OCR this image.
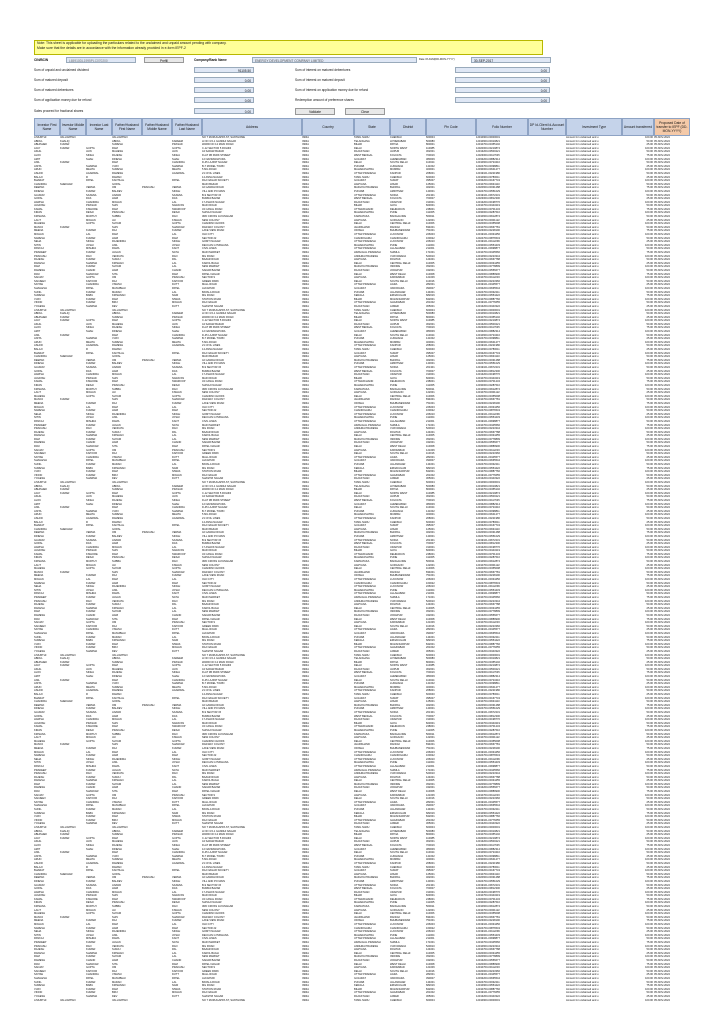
Note: This sheet is applicable for uploading the particulars related to the unclaimed and unpaid amount pending with company.
Make sure that the details are in accordance with the information already provided in e-form IEPF-2
CIN/BCIN	L65910DL1995PLC070200	Prefill	Company/Bank Name	ENERGY DEVELOPMENT COMPANY LIMITED	Date Of AGM(DD-MON-YYYY)	30-SEP-2017
Sum of unpaid and unclaimed dividend	91105.50
Sum of matured deposit	0.00
Sum of matured debentures	0.00
Sum of application money due for refund	0.00
Sales proceed for fractional shares	0.00
Sum of interest on matured debentures	0.00
Sum of interest on matured deposit	0.00
Sum of interest on application money due for refund	0.00
Redemption amount of preference shares	0.00
Validate	Clear
Investor First Name
Investor Middle Name
Investor Last Name
Father/Husband First Name
Father/Husband Middle Name
Father/Husband Last Name	Address	Country	State	District	Pin Code	Folio Number	DP Id-Client Id-Account Number	Investment Type	Amount transferred
Proposed Date of transfer to IEPF (DD-MON-YYYY)
A MURTHI	VALLIAPPAN	VALLIAPPAN	NO 7 MURUGAPPA ST, SANTHOME	INDIA	TAMIL NADU	CHENNAI	600004	12010900-00000001	Amount for unclaimed and u	100.00 05-NOV-2024
ABDUL	KHALIQ	ABDUL	KAREEM	H NO 3-5-1 GANDHI NAGAR	INDIA	TELANGANA	HYDERABAD	500080	12010600-00310821	Amount for unclaimed and u	50.00 05-NOV-2024
ABHISHEK	KUMAR	SURESH	PRASAD	WARD NO 12 MAIN ROAD	INDIA	BIHAR	PATNA	800001	12010700-00455102	Amount for unclaimed and u	25.00 05-NOV-2024
AJAY	KUMAR	GUPTA	RAM	GUPTA	C-12 SECTOR 5 ROHINI	INDIA	DELHI	NORTH WEST	110085	12020000-00219874	Amount for unclaimed and u	100.00 05-NOV-2024
AKHIL	JAIN	MAHESH	JAIN	44 SADAR BAZAR	INDIA	RAJASTHAN	JAIPUR	302001	12013200-00500221	Amount for unclaimed and u	50.00 05-NOV-2024
ALOK	SINHA	RAJESH	SINHA	FLAT 3B PARK STREET	INDIA	WEST BENGAL	KOLKATA	700016	12023000-00117645	Amount for unclaimed and u	75.00 05-NOV-2024
AMIT	SHAH	DINESH	SHAH	12 NAVRANGPURA	INDIA	GUJARAT	AHMEDABAD	380009	12033200-00882314	Amount for unclaimed and u	100.00 05-NOV-2024
ANIL	KUMAR	RAM	CHANDRA	D-45 LAJPAT NAGAR	INDIA	DELHI	SOUTH DELHI	110024	12010600-00723410	Amount for unclaimed and u	50.00 05-NOV-2024
ANITA	SHARMA	VIJAY	SHARMA	B-7 MODEL TOWN	INDIA	PUNJAB	LUDHIANA	141002	12024700-00398811	Amount for unclaimed and u	25.00 05-NOV-2024
ARUN	MEHTA	SURESH	MEHTA	5 MG ROAD	INDIA	MAHARASHTRA	MUMBAI	400001	12030000-00641277	Amount for unclaimed and u	100.00 05-NOV-2024
ASHOK	AGARWAL	RAMESH	AGARWAL	21 CIVIL LINES	INDIA	UTTAR PRADESH	KANPUR	208001	12019101-00221980	Amount for unclaimed and u	50.00 05-NOV-2024
BALAJI	R	RAMAN	14 ANNA NAGAR	INDIA	TAMIL NADU	CHENNAI	600040	12010900-00780011	Amount for unclaimed and u	25.00 05-NOV-2024
BHARAT	PATEL	KANTILAL	PATEL	RAJ NAGAR SOCIETY	INDIA	GUJARAT	SURAT	395007	12033200-00167743	Amount for unclaimed and u	100.00 05-NOV-2024
CHANDRA	SHEKHAR	GOPAL	MAIN BAZAR	INDIA	HARYANA	HISAR	125001	12010700-00934110	Amount for unclaimed and u	50.00 05-NOV-2024
DEEPAK	VERMA	OM	PRAKASH	VERMA	42 GANDHI ROAD	INDIA	MADHYA PRADESH	BHOPAL	462001	12020600-00331288	Amount for unclaimed and u	75.00 05-NOV-2024
DINESH	KUMAR	BALDEV	SINGH	VILL AND PO MAIN	INDIA	PUNJAB	AMRITSAR	143001	12024700-00551029	Amount for unclaimed and u	100.00 05-NOV-2024
GAURAV	SAXENA	ANAND	SAXENA	B-9 SECTOR 15	INDIA	UTTAR PRADESH	NOIDA	201301	12019101-00672231	Amount for unclaimed and u	50.00 05-NOV-2024
GOPAL	DAS	HARI	DAS	BURRA BAZAR	INDIA	WEST BENGAL	KOLKATA	700007	12023000-00812300	Amount for unclaimed and u	25.00 05-NOV-2024
HARISH	CHANDRA	MOHAN	LAL	17 ASHOK NAGAR	INDIA	RAJASTHAN	UDAIPUR	313001	12013200-00198776	Amount for unclaimed and u	100.00 05-NOV-2024
JAGDISH	PRASAD	SHIV	NARAYAN	MAIN ROAD	INDIA	BIHAR	GAYA	823001	12010700-00443219	Amount for unclaimed and u	50.00 05-NOV-2024
KAMAL	KISHORE	RAM	SWAROOP	34 CANAL ROAD	INDIA	UTTARAKHAND	DEHRADUN	248001	12020000-00701234	Amount for unclaimed and u	75.00 05-NOV-2024
KIRAN	DESAI	PRAKASH	DESAI	SHIVAJI NAGAR	INDIA	MAHARASHTRA	PUNE	411005	12030000-00287610	Amount for unclaimed and u	100.00 05-NOV-2024
KRISHNA	MURTHY	SUBBA	RAO	3RD CROSS JAYANAGAR	INDIA	KARNATAKA	BANGALORE	560011	12010600-00912874	Amount for unclaimed and u	50.00 05-NOV-2024
LALIT	MOHAN	JAI	KISHAN	NEW COLONY	INDIA	HARYANA	GURGAON	122001	12010700-00301122	Amount for unclaimed and u	25.00 05-NOV-2024
MAHESH	GUPTA	SHYAM	GUPTA	CHANDNI CHOWK	INDIA	DELHI	CENTRAL DELHI	110006	12020000-00455098	Amount for unclaimed and u	100.00 05-NOV-2024
MANOJ	KUMAR	SHIV	SHANKAR	RAILWAY COLONY	INDIA	JHARKHAND	RANCHI	834001	12010700-00667781	Amount for unclaimed and u	50.00 05-NOV-2024
MEENA	KUMARI	RAJ	KUMAR	LAKE VIEW ROAD	INDIA	ODISHA	BHUBANESWAR	751001	12023000-00228190	Amount for unclaimed and u	75.00 05-NOV-2024
MOHAN	LAL	RAM	LAL	OLD CITY	INDIA	UTTAR PRADESH	LUCKNOW	226003	12019101-00334456	Amount for unclaimed and u	100.00 05-NOV-2024
NARESH	KUMAR	HARI	RAM	SECTOR 22	INDIA	CHANDIGARH	CHANDIGARH	160022	12024700-00876543	Amount for unclaimed and u	50.00 05-NOV-2024
NEHA	SINGH	RAJENDRA	SINGH	GOMTI NAGAR	INDIA	UTTAR PRADESH	LUCKNOW	226010	12019101-00112299	Amount for unclaimed and u	25.00 05-NOV-2024
NITIN	JOSHI	ANIL	JOSHI	DECCAN GYMKHANA	INDIA	MAHARASHTRA	PUNE	411004	12030000-00554433	Amount for unclaimed and u	100.00 05-NOV-2024
PANKAJ	MISHRA	RAMA	KANT	CIVIL LINES	INDIA	UTTAR PRADESH	ALLAHABAD	211001	12019101-00998877	Amount for unclaimed and u	50.00 05-NOV-2024
PRADEEP	KUMAR	JAGAN	NATH	MAIN MARKET	INDIA	HIMACHAL PRADESH	SHIMLA	171001	12010700-00445566	Amount for unclaimed and u	75.00 05-NOV-2024
PRAKASH	RAO	VENKATA	RAO	MG ROAD	INDIA	ANDHRA PRADESH	VIJAYAWADA	520010	12010600-00223344	Amount for unclaimed and u	100.00 05-NOV-2024
RAJESH	KUMAR	SURAJ	PAL	BAZAR ROAD	INDIA	HARYANA	ROHTAK	124001	12010700-00667788	Amount for unclaimed and u	50.00 05-NOV-2024
RAKESH	SHARMA	KRISHAN	LAL	KAROL BAGH	INDIA	DELHI	CENTRAL DELHI	110005	12020000-00334455	Amount for unclaimed and u	25.00 05-NOV-2024
RAM	KUMAR	SHYAM	LAL	NEW MARKET	INDIA	MADHYA PRADESH	INDORE	452001	12020600-00778899	Amount for unclaimed and u	100.00 05-NOV-2024
RAMESH	CHAND	HARI	CHAND	SADAR BAZAR	INDIA	RAJASTHAN	JODHPUR	342001	12013200-00556677	Amount for unclaimed and u	50.00 05-NOV-2024
RAVI	SHANKAR	SITA	RAM	PATEL NAGAR	INDIA	DELHI	WEST DELHI	110008	12020000-00889900	Amount for unclaimed and u	75.00 05-NOV-2024
SANJAY	GUPTA	OM	PRAKASH	SECTOR 9	INDIA	HARYANA	FARIDABAD	121006	12010700-00112233	Amount for unclaimed and u	100.00 05-NOV-2024
SANJEEV	KAPOOR	RAJ	KAPOOR	GREEN PARK	INDIA	DELHI	SOUTH DELHI	110016	12020000-00223366	Amount for unclaimed and u	50.00 05-NOV-2024
SATISH	CHANDRA	VISHNU	DUTT	MALL ROAD	INDIA	UTTAR PRADESH	AGRA	282001	12019101-00445577	Amount for unclaimed and u	25.00 05-NOV-2024
SHAILESH	PATEL	MANUBHAI	PATEL	ALKAPURI	INDIA	GUJARAT	VADODARA	390007	12033200-00665544	Amount for unclaimed and u	100.00 05-NOV-2024
SUNIL	KUMAR	MADAN	LAL	BATALA ROAD	INDIA	PUNJAB	JALANDHAR	144001	12024700-00332211	Amount for unclaimed and u	50.00 05-NOV-2024
SURESH	BABU	KRISHNAN	NAIR	MG ROAD	INDIA	KERALA	ERNAKULAM	682016	12010900-00554422	Amount for unclaimed and u	75.00 05-NOV-2024
VIJAY	KUMAR	RAM	NIWAS	STATION ROAD	INDIA	BIHAR	MUZAFFARPUR	842001	12010700-00887766	Amount for unclaimed and u	100.00 05-NOV-2024
VINOD	KUMAR	BRIJ	MOHAN	RAJ NAGAR	INDIA	UTTAR PRADESH	GHAZIABAD	201002	12019101-00776655	Amount for unclaimed and u	50.00 05-NOV-2024
YOGESH	SHARMA	DEV	DUTT	SHASTRI NAGAR	INDIA	RAJASTHAN	AJMER	305001	12013200-00443322	Amount for unclaimed and u	25.00 05-NOV-2024
A MURTHI	VALLIAPPAN	VALLIAPPAN	NO 7 MURUGAPPA ST, SANTHOME	INDIA	TAMIL NADU	CHENNAI	600004	12010900-00000001	Amount for unclaimed and u	100.00 05-NOV-2024
ABDUL	KHALIQ	ABDUL	KAREEM	H NO 3-5-1 GANDHI NAGAR	INDIA	TELANGANA	HYDERABAD	500080	12010600-00310821	Amount for unclaimed and u	50.00 05-NOV-2024
ABHISHEK	KUMAR	SURESH	PRASAD	WARD NO 12 MAIN ROAD	INDIA	BIHAR	PATNA	800001	12010700-00455102	Amount for unclaimed and u	25.00 05-NOV-2024
AJAY	KUMAR	GUPTA	RAM	GUPTA	C-12 SECTOR 5 ROHINI	INDIA	DELHI	NORTH WEST	110085	12020000-00219874	Amount for unclaimed and u	100.00 05-NOV-2024
AKHIL	JAIN	MAHESH	JAIN	44 SADAR BAZAR	INDIA	RAJASTHAN	JAIPUR	302001	12013200-00500221	Amount for unclaimed and u	50.00 05-NOV-2024
ALOK	SINHA	RAJESH	SINHA	FLAT 3B PARK STREET	INDIA	WEST BENGAL	KOLKATA	700016	12023000-00117645	Amount for unclaimed and u	75.00 05-NOV-2024
AMIT	SHAH	DINESH	SHAH	12 NAVRANGPURA	INDIA	GUJARAT	AHMEDABAD	380009	12033200-00882314	Amount for unclaimed and u	100.00 05-NOV-2024
ANIL	KUMAR	RAM	CHANDRA	D-45 LAJPAT NAGAR	INDIA	DELHI	SOUTH DELHI	110024	12010600-00723410	Amount for unclaimed and u	50.00 05-NOV-2024
ANITA	SHARMA	VIJAY	SHARMA	B-7 MODEL TOWN	INDIA	PUNJAB	LUDHIANA	141002	12024700-00398811	Amount for unclaimed and u	25.00 05-NOV-2024
ARUN	MEHTA	SURESH	MEHTA	5 MG ROAD	INDIA	MAHARASHTRA	MUMBAI	400001	12030000-00641277	Amount for unclaimed and u	100.00 05-NOV-2024
ASHOK	AGARWAL	RAMESH	AGARWAL	21 CIVIL LINES	INDIA	UTTAR PRADESH	KANPUR	208001	12019101-00221980	Amount for unclaimed and u	50.00 05-NOV-2024
BALAJI	R	RAMAN	14 ANNA NAGAR	INDIA	TAMIL NADU	CHENNAI	600040	12010900-00780011	Amount for unclaimed and u	25.00 05-NOV-2024
BHARAT	PATEL	KANTILAL	PATEL	RAJ NAGAR SOCIETY	INDIA	GUJARAT	SURAT	395007	12033200-00167743	Amount for unclaimed and u	100.00 05-NOV-2024
CHANDRA	SHEKHAR	GOPAL	MAIN BAZAR	INDIA	HARYANA	HISAR	125001	12010700-00934110	Amount for unclaimed and u	50.00 05-NOV-2024
DEEPAK	VERMA	OM	PRAKASH	VERMA	42 GANDHI ROAD	INDIA	MADHYA PRADESH	BHOPAL	462001	12020600-00331288	Amount for unclaimed and u	75.00 05-NOV-2024
DINESH	KUMAR	BALDEV	SINGH	VILL AND PO MAIN	INDIA	PUNJAB	AMRITSAR	143001	12024700-00551029	Amount for unclaimed and u	100.00 05-NOV-2024
GAURAV	SAXENA	ANAND	SAXENA	B-9 SECTOR 15	INDIA	UTTAR PRADESH	NOIDA	201301	12019101-00672231	Amount for unclaimed and u	50.00 05-NOV-2024
GOPAL	DAS	HARI	DAS	BURRA BAZAR	INDIA	WEST BENGAL	KOLKATA	700007	12023000-00812300	Amount for unclaimed and u	25.00 05-NOV-2024
HARISH	CHANDRA	MOHAN	LAL	17 ASHOK NAGAR	INDIA	RAJASTHAN	UDAIPUR	313001	12013200-00198776	Amount for unclaimed and u	100.00 05-NOV-2024
JAGDISH	PRASAD	SHIV	NARAYAN	MAIN ROAD	INDIA	BIHAR	GAYA	823001	12010700-00443219	Amount for unclaimed and u	50.00 05-NOV-2024
KAMAL	KISHORE	RAM	SWAROOP	34 CANAL ROAD	INDIA	UTTARAKHAND	DEHRADUN	248001	12020000-00701234	Amount for unclaimed and u	75.00 05-NOV-2024
KIRAN	DESAI	PRAKASH	DESAI	SHIVAJI NAGAR	INDIA	MAHARASHTRA	PUNE	411005	12030000-00287610	Amount for unclaimed and u	100.00 05-NOV-2024
KRISHNA	MURTHY	SUBBA	RAO	3RD CROSS JAYANAGAR	INDIA	KARNATAKA	BANGALORE	560011	12010600-00912874	Amount for unclaimed and u	50.00 05-NOV-2024
LALIT	MOHAN	JAI	KISHAN	NEW COLONY	INDIA	HARYANA	GURGAON	122001	12010700-00301122	Amount for unclaimed and u	25.00 05-NOV-2024
MAHESH	GUPTA	SHYAM	GUPTA	CHANDNI CHOWK	INDIA	DELHI	CENTRAL DELHI	110006	12020000-00455098	Amount for unclaimed and u	100.00 05-NOV-2024
MANOJ	KUMAR	SHIV	SHANKAR	RAILWAY COLONY	INDIA	JHARKHAND	RANCHI	834001	12010700-00667781	Amount for unclaimed and u	50.00 05-NOV-2024
MEENA	KUMARI	RAJ	KUMAR	LAKE VIEW ROAD	INDIA	ODISHA	BHUBANESWAR	751001	12023000-00228190	Amount for unclaimed and u	75.00 05-NOV-2024
MOHAN	LAL	RAM	LAL	OLD CITY	INDIA	UTTAR PRADESH	LUCKNOW	226003	12019101-00334456	Amount for unclaimed and u	100.00 05-NOV-2024
NARESH	KUMAR	HARI	RAM	SECTOR 22	INDIA	CHANDIGARH	CHANDIGARH	160022	12024700-00876543	Amount for unclaimed and u	50.00 05-NOV-2024
NEHA	SINGH	RAJENDRA	SINGH	GOMTI NAGAR	INDIA	UTTAR PRADESH	LUCKNOW	226010	12019101-00112299	Amount for unclaimed and u	25.00 05-NOV-2024
NITIN	JOSHI	ANIL	JOSHI	DECCAN GYMKHANA	INDIA	MAHARASHTRA	PUNE	411004	12030000-00554433	Amount for unclaimed and u	100.00 05-NOV-2024
PANKAJ	MISHRA	RAMA	KANT	CIVIL LINES	INDIA	UTTAR PRADESH	ALLAHABAD	211001	12019101-00998877	Amount for unclaimed and u	50.00 05-NOV-2024
PRADEEP	KUMAR	JAGAN	NATH	MAIN MARKET	INDIA	HIMACHAL PRADESH	SHIMLA	171001	12010700-00445566	Amount for unclaimed and u	75.00 05-NOV-2024
PRAKASH	RAO	VENKATA	RAO	MG ROAD	INDIA	ANDHRA PRADESH	VIJAYAWADA	520010	12010600-00223344	Amount for unclaimed and u	100.00 05-NOV-2024
RAJESH	KUMAR	SURAJ	PAL	BAZAR ROAD	INDIA	HARYANA	ROHTAK	124001	12010700-00667788	Amount for unclaimed and u	50.00 05-NOV-2024
RAKESH	SHARMA	KRISHAN	LAL	KAROL BAGH	INDIA	DELHI	CENTRAL DELHI	110005	12020000-00334455	Amount for unclaimed and u	25.00 05-NOV-2024
RAM	KUMAR	SHYAM	LAL	NEW MARKET	INDIA	MADHYA PRADESH	INDORE	452001	12020600-00778899	Amount for unclaimed and u	100.00 05-NOV-2024
RAMESH	CHAND	HARI	CHAND	SADAR BAZAR	INDIA	RAJASTHAN	JODHPUR	342001	12013200-00556677	Amount for unclaimed and u	50.00 05-NOV-2024
RAVI	SHANKAR	SITA	RAM	PATEL NAGAR	INDIA	DELHI	WEST DELHI	110008	12020000-00889900	Amount for unclaimed and u	75.00 05-NOV-2024
SANJAY	GUPTA	OM	PRAKASH	SECTOR 9	INDIA	HARYANA	FARIDABAD	121006	12010700-00112233	Amount for unclaimed and u	100.00 05-NOV-2024
SANJEEV	KAPOOR	RAJ	KAPOOR	GREEN PARK	INDIA	DELHI	SOUTH DELHI	110016	12020000-00223366	Amount for unclaimed and u	50.00 05-NOV-2024
SATISH	CHANDRA	VISHNU	DUTT	MALL ROAD	INDIA	UTTAR PRADESH	AGRA	282001	12019101-00445577	Amount for unclaimed and u	25.00 05-NOV-2024
SHAILESH	PATEL	MANUBHAI	PATEL	ALKAPURI	INDIA	GUJARAT	VADODARA	390007	12033200-00665544	Amount for unclaimed and u	100.00 05-NOV-2024
SUNIL	KUMAR	MADAN	LAL	BATALA ROAD	INDIA	PUNJAB	JALANDHAR	144001	12024700-00332211	Amount for unclaimed and u	50.00 05-NOV-2024
SURESH	BABU	KRISHNAN	NAIR	MG ROAD	INDIA	KERALA	ERNAKULAM	682016	12010900-00554422	Amount for unclaimed and u	75.00 05-NOV-2024
VIJAY	KUMAR	RAM	NIWAS	STATION ROAD	INDIA	BIHAR	MUZAFFARPUR	842001	12010700-00887766	Amount for unclaimed and u	100.00 05-NOV-2024
VINOD	KUMAR	BRIJ	MOHAN	RAJ NAGAR	INDIA	UTTAR PRADESH	GHAZIABAD	201002	12019101-00776655	Amount for unclaimed and u	50.00 05-NOV-2024
YOGESH	SHARMA	DEV	DUTT	SHASTRI NAGAR	INDIA	RAJASTHAN	AJMER	305001	12013200-00443322	Amount for unclaimed and u	25.00 05-NOV-2024
A MURTHI	VALLIAPPAN	VALLIAPPAN	NO 7 MURUGAPPA ST, SANTHOME	INDIA	TAMIL NADU	CHENNAI	600004	12010900-00000001	Amount for unclaimed and u	100.00 05-NOV-2024
ABDUL	KHALIQ	ABDUL	KAREEM	H NO 3-5-1 GANDHI NAGAR	INDIA	TELANGANA	HYDERABAD	500080	12010600-00310821	Amount for unclaimed and u	50.00 05-NOV-2024
ABHISHEK	KUMAR	SURESH	PRASAD	WARD NO 12 MAIN ROAD	INDIA	BIHAR	PATNA	800001	12010700-00455102	Amount for unclaimed and u	25.00 05-NOV-2024
AJAY	KUMAR	GUPTA	RAM	GUPTA	C-12 SECTOR 5 ROHINI	INDIA	DELHI	NORTH WEST	110085	12020000-00219874	Amount for unclaimed and u	100.00 05-NOV-2024
AKHIL	JAIN	MAHESH	JAIN	44 SADAR BAZAR	INDIA	RAJASTHAN	JAIPUR	302001	12013200-00500221	Amount for unclaimed and u	50.00 05-NOV-2024
ALOK	SINHA	RAJESH	SINHA	FLAT 3B PARK STREET	INDIA	WEST BENGAL	KOLKATA	700016	12023000-00117645	Amount for unclaimed and u	75.00 05-NOV-2024
AMIT	SHAH	DINESH	SHAH	12 NAVRANGPURA	INDIA	GUJARAT	AHMEDABAD	380009	12033200-00882314	Amount for unclaimed and u	100.00 05-NOV-2024
ANIL	KUMAR	RAM	CHANDRA	D-45 LAJPAT NAGAR	INDIA	DELHI	SOUTH DELHI	110024	12010600-00723410	Amount for unclaimed and u	50.00 05-NOV-2024
ANITA	SHARMA	VIJAY	SHARMA	B-7 MODEL TOWN	INDIA	PUNJAB	LUDHIANA	141002	12024700-00398811	Amount for unclaimed and u	25.00 05-NOV-2024
ARUN	MEHTA	SURESH	MEHTA	5 MG ROAD	INDIA	MAHARASHTRA	MUMBAI	400001	12030000-00641277	Amount for unclaimed and u	100.00 05-NOV-2024
ASHOK	AGARWAL	RAMESH	AGARWAL	21 CIVIL LINES	INDIA	UTTAR PRADESH	KANPUR	208001	12019101-00221980	Amount for unclaimed and u	50.00 05-NOV-2024
BALAJI	R	RAMAN	14 ANNA NAGAR	INDIA	TAMIL NADU	CHENNAI	600040	12010900-00780011	Amount for unclaimed and u	25.00 05-NOV-2024
BHARAT	PATEL	KANTILAL	PATEL	RAJ NAGAR SOCIETY	INDIA	GUJARAT	SURAT	395007	12033200-00167743	Amount for unclaimed and u	100.00 05-NOV-2024
CHANDRA	SHEKHAR	GOPAL	MAIN BAZAR	INDIA	HARYANA	HISAR	125001	12010700-00934110	Amount for unclaimed and u	50.00 05-NOV-2024
DEEPAK	VERMA	OM	PRAKASH	VERMA	42 GANDHI ROAD	INDIA	MADHYA PRADESH	BHOPAL	462001	12020600-00331288	Amount for unclaimed and u	75.00 05-NOV-2024
DINESH	KUMAR	BALDEV	SINGH	VILL AND PO MAIN	INDIA	PUNJAB	AMRITSAR	143001	12024700-00551029	Amount for unclaimed and u	100.00 05-NOV-2024
GAURAV	SAXENA	ANAND	SAXENA	B-9 SECTOR 15	INDIA	UTTAR PRADESH	NOIDA	201301	12019101-00672231	Amount for unclaimed and u	50.00 05-NOV-2024
GOPAL	DAS	HARI	DAS	BURRA BAZAR	INDIA	WEST BENGAL	KOLKATA	700007	12023000-00812300	Amount for unclaimed and u	25.00 05-NOV-2024
HARISH	CHANDRA	MOHAN	LAL	17 ASHOK NAGAR	INDIA	RAJASTHAN	UDAIPUR	313001	12013200-00198776	Amount for unclaimed and u	100.00 05-NOV-2024
JAGDISH	PRASAD	SHIV	NARAYAN	MAIN ROAD	INDIA	BIHAR	GAYA	823001	12010700-00443219	Amount for unclaimed and u	50.00 05-NOV-2024
KAMAL	KISHORE	RAM	SWAROOP	34 CANAL ROAD	INDIA	UTTARAKHAND	DEHRADUN	248001	12020000-00701234	Amount for unclaimed and u	75.00 05-NOV-2024
KIRAN	DESAI	PRAKASH	DESAI	SHIVAJI NAGAR	INDIA	MAHARASHTRA	PUNE	411005	12030000-00287610	Amount for unclaimed and u	100.00 05-NOV-2024
KRISHNA	MURTHY	SUBBA	RAO	3RD CROSS JAYANAGAR	INDIA	KARNATAKA	BANGALORE	560011	12010600-00912874	Amount for unclaimed and u	50.00 05-NOV-2024
LALIT	MOHAN	JAI	KISHAN	NEW COLONY	INDIA	HARYANA	GURGAON	122001	12010700-00301122	Amount for unclaimed and u	25.00 05-NOV-2024
MAHESH	GUPTA	SHYAM	GUPTA	CHANDNI CHOWK	INDIA	DELHI	CENTRAL DELHI	110006	12020000-00455098	Amount for unclaimed and u	100.00 05-NOV-2024
MANOJ	KUMAR	SHIV	SHANKAR	RAILWAY COLONY	INDIA	JHARKHAND	RANCHI	834001	12010700-00667781	Amount for unclaimed and u	50.00 05-NOV-2024
MEENA	KUMARI	RAJ	KUMAR	LAKE VIEW ROAD	INDIA	ODISHA	BHUBANESWAR	751001	12023000-00228190	Amount for unclaimed and u	75.00 05-NOV-2024
MOHAN	LAL	RAM	LAL	OLD CITY	INDIA	UTTAR PRADESH	LUCKNOW	226003	12019101-00334456	Amount for unclaimed and u	100.00 05-NOV-2024
NARESH	KUMAR	HARI	RAM	SECTOR 22	INDIA	CHANDIGARH	CHANDIGARH	160022	12024700-00876543	Amount for unclaimed and u	50.00 05-NOV-2024
NEHA	SINGH	RAJENDRA	SINGH	GOMTI NAGAR	INDIA	UTTAR PRADESH	LUCKNOW	226010	12019101-00112299	Amount for unclaimed and u	25.00 05-NOV-2024
NITIN	JOSHI	ANIL	JOSHI	DECCAN GYMKHANA	INDIA	MAHARASHTRA	PUNE	411004	12030000-00554433	Amount for unclaimed and u	100.00 05-NOV-2024
PANKAJ	MISHRA	RAMA	KANT	CIVIL LINES	INDIA	UTTAR PRADESH	ALLAHABAD	211001	12019101-00998877	Amount for unclaimed and u	50.00 05-NOV-2024
PRADEEP	KUMAR	JAGAN	NATH	MAIN MARKET	INDIA	HIMACHAL PRADESH	SHIMLA	171001	12010700-00445566	Amount for unclaimed and u	75.00 05-NOV-2024
PRAKASH	RAO	VENKATA	RAO	MG ROAD	INDIA	ANDHRA PRADESH	VIJAYAWADA	520010	12010600-00223344	Amount for unclaimed and u	100.00 05-NOV-2024
RAJESH	KUMAR	SURAJ	PAL	BAZAR ROAD	INDIA	HARYANA	ROHTAK	124001	12010700-00667788	Amount for unclaimed and u	50.00 05-NOV-2024
RAKESH	SHARMA	KRISHAN	LAL	KAROL BAGH	INDIA	DELHI	CENTRAL DELHI	110005	12020000-00334455	Amount for unclaimed and u	25.00 05-NOV-2024
RAM	KUMAR	SHYAM	LAL	NEW MARKET	INDIA	MADHYA PRADESH	INDORE	452001	12020600-00778899	Amount for unclaimed and u	100.00 05-NOV-2024
RAMESH	CHAND	HARI	CHAND	SADAR BAZAR	INDIA	RAJASTHAN	JODHPUR	342001	12013200-00556677	Amount for unclaimed and u	50.00 05-NOV-2024
RAVI	SHANKAR	SITA	RAM	PATEL NAGAR	INDIA	DELHI	WEST DELHI	110008	12020000-00889900	Amount for unclaimed and u	75.00 05-NOV-2024
SANJAY	GUPTA	OM	PRAKASH	SECTOR 9	INDIA	HARYANA	FARIDABAD	121006	12010700-00112233	Amount for unclaimed and u	100.00 05-NOV-2024
SANJEEV	KAPOOR	RAJ	KAPOOR	GREEN PARK	INDIA	DELHI	SOUTH DELHI	110016	12020000-00223366	Amount for unclaimed and u	50.00 05-NOV-2024
SATISH	CHANDRA	VISHNU	DUTT	MALL ROAD	INDIA	UTTAR PRADESH	AGRA	282001	12019101-00445577	Amount for unclaimed and u	25.00 05-NOV-2024
SHAILESH	PATEL	MANUBHAI	PATEL	ALKAPURI	INDIA	GUJARAT	VADODARA	390007	12033200-00665544	Amount for unclaimed and u	100.00 05-NOV-2024
SUNIL	KUMAR	MADAN	LAL	BATALA ROAD	INDIA	PUNJAB	JALANDHAR	144001	12024700-00332211	Amount for unclaimed and u	50.00 05-NOV-2024
SURESH	BABU	KRISHNAN	NAIR	MG ROAD	INDIA	KERALA	ERNAKULAM	682016	12010900-00554422	Amount for unclaimed and u	75.00 05-NOV-2024
VIJAY	KUMAR	RAM	NIWAS	STATION ROAD	INDIA	BIHAR	MUZAFFARPUR	842001	12010700-00887766	Amount for unclaimed and u	100.00 05-NOV-2024
VINOD	KUMAR	BRIJ	MOHAN	RAJ NAGAR	INDIA	UTTAR PRADESH	GHAZIABAD	201002	12019101-00776655	Amount for unclaimed and u	50.00 05-NOV-2024
YOGESH	SHARMA	DEV	DUTT	SHASTRI NAGAR	INDIA	RAJASTHAN	AJMER	305001	12013200-00443322	Amount for unclaimed and u	25.00 05-NOV-2024
A MURTHI	VALLIAPPAN	VALLIAPPAN	NO 7 MURUGAPPA ST, SANTHOME	INDIA	TAMIL NADU	CHENNAI	600004	12010900-00000001	Amount for unclaimed and u	100.00 05-NOV-2024
ABDUL	KHALIQ	ABDUL	KAREEM	H NO 3-5-1 GANDHI NAGAR	INDIA	TELANGANA	HYDERABAD	500080	12010600-00310821	Amount for unclaimed and u	50.00 05-NOV-2024
ABHISHEK	KUMAR	SURESH	PRASAD	WARD NO 12 MAIN ROAD	INDIA	BIHAR	PATNA	800001	12010700-00455102	Amount for unclaimed and u	25.00 05-NOV-2024
AJAY	KUMAR	GUPTA	RAM	GUPTA	C-12 SECTOR 5 ROHINI	INDIA	DELHI	NORTH WEST	110085	12020000-00219874	Amount for unclaimed and u	100.00 05-NOV-2024
AKHIL	JAIN	MAHESH	JAIN	44 SADAR BAZAR	INDIA	RAJASTHAN	JAIPUR	302001	12013200-00500221	Amount for unclaimed and u	50.00 05-NOV-2024
ALOK	SINHA	RAJESH	SINHA	FLAT 3B PARK STREET	INDIA	WEST BENGAL	KOLKATA	700016	12023000-00117645	Amount for unclaimed and u	75.00 05-NOV-2024
AMIT	SHAH	DINESH	SHAH	12 NAVRANGPURA	INDIA	GUJARAT	AHMEDABAD	380009	12033200-00882314	Amount for unclaimed and u	100.00 05-NOV-2024
ANIL	KUMAR	RAM	CHANDRA	D-45 LAJPAT NAGAR	INDIA	DELHI	SOUTH DELHI	110024	12010600-00723410	Amount for unclaimed and u	50.00 05-NOV-2024
ANITA	SHARMA	VIJAY	SHARMA	B-7 MODEL TOWN	INDIA	PUNJAB	LUDHIANA	141002	12024700-00398811	Amount for unclaimed and u	25.00 05-NOV-2024
ARUN	MEHTA	SURESH	MEHTA	5 MG ROAD	INDIA	MAHARASHTRA	MUMBAI	400001	12030000-00641277	Amount for unclaimed and u	100.00 05-NOV-2024
ASHOK	AGARWAL	RAMESH	AGARWAL	21 CIVIL LINES	INDIA	UTTAR PRADESH	KANPUR	208001	12019101-00221980	Amount for unclaimed and u	50.00 05-NOV-2024
BALAJI	R	RAMAN	14 ANNA NAGAR	INDIA	TAMIL NADU	CHENNAI	600040	12010900-00780011	Amount for unclaimed and u	25.00 05-NOV-2024
BHARAT	PATEL	KANTILAL	PATEL	RAJ NAGAR SOCIETY	INDIA	GUJARAT	SURAT	395007	12033200-00167743	Amount for unclaimed and u	100.00 05-NOV-2024
CHANDRA	SHEKHAR	GOPAL	MAIN BAZAR	INDIA	HARYANA	HISAR	125001	12010700-00934110	Amount for unclaimed and u	50.00 05-NOV-2024
DEEPAK	VERMA	OM	PRAKASH	VERMA	42 GANDHI ROAD	INDIA	MADHYA PRADESH	BHOPAL	462001	12020600-00331288	Amount for unclaimed and u	75.00 05-NOV-2024
DINESH	KUMAR	BALDEV	SINGH	VILL AND PO MAIN	INDIA	PUNJAB	AMRITSAR	143001	12024700-00551029	Amount for unclaimed and u	100.00 05-NOV-2024
GAURAV	SAXENA	ANAND	SAXENA	B-9 SECTOR 15	INDIA	UTTAR PRADESH	NOIDA	201301	12019101-00672231	Amount for unclaimed and u	50.00 05-NOV-2024
GOPAL	DAS	HARI	DAS	BURRA BAZAR	INDIA	WEST BENGAL	KOLKATA	700007	12023000-00812300	Amount for unclaimed and u	25.00 05-NOV-2024
HARISH	CHANDRA	MOHAN	LAL	17 ASHOK NAGAR	INDIA	RAJASTHAN	UDAIPUR	313001	12013200-00198776	Amount for unclaimed and u	100.00 05-NOV-2024
JAGDISH	PRASAD	SHIV	NARAYAN	MAIN ROAD	INDIA	BIHAR	GAYA	823001	12010700-00443219	Amount for unclaimed and u	50.00 05-NOV-2024
KAMAL	KISHORE	RAM	SWAROOP	34 CANAL ROAD	INDIA	UTTARAKHAND	DEHRADUN	248001	12020000-00701234	Amount for unclaimed and u	75.00 05-NOV-2024
KIRAN	DESAI	PRAKASH	DESAI	SHIVAJI NAGAR	INDIA	MAHARASHTRA	PUNE	411005	12030000-00287610	Amount for unclaimed and u	100.00 05-NOV-2024
KRISHNA	MURTHY	SUBBA	RAO	3RD CROSS JAYANAGAR	INDIA	KARNATAKA	BANGALORE	560011	12010600-00912874	Amount for unclaimed and u	50.00 05-NOV-2024
LALIT	MOHAN	JAI	KISHAN	NEW COLONY	INDIA	HARYANA	GURGAON	122001	12010700-00301122	Amount for unclaimed and u	25.00 05-NOV-2024
MAHESH	GUPTA	SHYAM	GUPTA	CHANDNI CHOWK	INDIA	DELHI	CENTRAL DELHI	110006	12020000-00455098	Amount for unclaimed and u	100.00 05-NOV-2024
MANOJ	KUMAR	SHIV	SHANKAR	RAILWAY COLONY	INDIA	JHARKHAND	RANCHI	834001	12010700-00667781	Amount for unclaimed and u	50.00 05-NOV-2024
MEENA	KUMARI	RAJ	KUMAR	LAKE VIEW ROAD	INDIA	ODISHA	BHUBANESWAR	751001	12023000-00228190	Amount for unclaimed and u	75.00 05-NOV-2024
MOHAN	LAL	RAM	LAL	OLD CITY	INDIA	UTTAR PRADESH	LUCKNOW	226003	12019101-00334456	Amount for unclaimed and u	100.00 05-NOV-2024
NARESH	KUMAR	HARI	RAM	SECTOR 22	INDIA	CHANDIGARH	CHANDIGARH	160022	12024700-00876543	Amount for unclaimed and u	50.00 05-NOV-2024
NEHA	SINGH	RAJENDRA	SINGH	GOMTI NAGAR	INDIA	UTTAR PRADESH	LUCKNOW	226010	12019101-00112299	Amount for unclaimed and u	25.00 05-NOV-2024
NITIN	JOSHI	ANIL	JOSHI	DECCAN GYMKHANA	INDIA	MAHARASHTRA	PUNE	411004	12030000-00554433	Amount for unclaimed and u	100.00 05-NOV-2024
PANKAJ	MISHRA	RAMA	KANT	CIVIL LINES	INDIA	UTTAR PRADESH	ALLAHABAD	211001	12019101-00998877	Amount for unclaimed and u	50.00 05-NOV-2024
PRADEEP	KUMAR	JAGAN	NATH	MAIN MARKET	INDIA	HIMACHAL PRADESH	SHIMLA	171001	12010700-00445566	Amount for unclaimed and u	75.00 05-NOV-2024
PRAKASH	RAO	VENKATA	RAO	MG ROAD	INDIA	ANDHRA PRADESH	VIJAYAWADA	520010	12010600-00223344	Amount for unclaimed and u	100.00 05-NOV-2024
RAJESH	KUMAR	SURAJ	PAL	BAZAR ROAD	INDIA	HARYANA	ROHTAK	124001	12010700-00667788	Amount for unclaimed and u	50.00 05-NOV-2024
RAKESH	SHARMA	KRISHAN	LAL	KAROL BAGH	INDIA	DELHI	CENTRAL DELHI	110005	12020000-00334455	Amount for unclaimed and u	25.00 05-NOV-2024
RAM	KUMAR	SHYAM	LAL	NEW MARKET	INDIA	MADHYA PRADESH	INDORE	452001	12020600-00778899	Amount for unclaimed and u	100.00 05-NOV-2024
RAMESH	CHAND	HARI	CHAND	SADAR BAZAR	INDIA	RAJASTHAN	JODHPUR	342001	12013200-00556677	Amount for unclaimed and u	50.00 05-NOV-2024
RAVI	SHANKAR	SITA	RAM	PATEL NAGAR	INDIA	DELHI	WEST DELHI	110008	12020000-00889900	Amount for unclaimed and u	75.00 05-NOV-2024
SANJAY	GUPTA	OM	PRAKASH	SECTOR 9	INDIA	HARYANA	FARIDABAD	121006	12010700-00112233	Amount for unclaimed and u	100.00 05-NOV-2024
SANJEEV	KAPOOR	RAJ	KAPOOR	GREEN PARK	INDIA	DELHI	SOUTH DELHI	110016	12020000-00223366	Amount for unclaimed and u	50.00 05-NOV-2024
SATISH	CHANDRA	VISHNU	DUTT	MALL ROAD	INDIA	UTTAR PRADESH	AGRA	282001	12019101-00445577	Amount for unclaimed and u	25.00 05-NOV-2024
SHAILESH	PATEL	MANUBHAI	PATEL	ALKAPURI	INDIA	GUJARAT	VADODARA	390007	12033200-00665544	Amount for unclaimed and u	100.00 05-NOV-2024
SUNIL	KUMAR	MADAN	LAL	BATALA ROAD	INDIA	PUNJAB	JALANDHAR	144001	12024700-00332211	Amount for unclaimed and u	50.00 05-NOV-2024
SURESH	BABU	KRISHNAN	NAIR	MG ROAD	INDIA	KERALA	ERNAKULAM	682016	12010900-00554422	Amount for unclaimed and u	75.00 05-NOV-2024
VIJAY	KUMAR	RAM	NIWAS	STATION ROAD	INDIA	BIHAR	MUZAFFARPUR	842001	12010700-00887766	Amount for unclaimed and u	100.00 05-NOV-2024
VINOD	KUMAR	BRIJ	MOHAN	RAJ NAGAR	INDIA	UTTAR PRADESH	GHAZIABAD	201002	12019101-00776655	Amount for unclaimed and u	50.00 05-NOV-2024
YOGESH	SHARMA	DEV	DUTT	SHASTRI NAGAR	INDIA	RAJASTHAN	AJMER	305001	12013200-00443322	Amount for unclaimed and u	25.00 05-NOV-2024
A MURTHI	VALLIAPPAN	VALLIAPPAN	NO 7 MURUGAPPA ST, SANTHOME	INDIA	TAMIL NADU	CHENNAI	600004	12010900-00000001	Amount for unclaimed and u	100.00 05-NOV-2024
ABDUL	KHALIQ	ABDUL	KAREEM	H NO 3-5-1 GANDHI NAGAR	INDIA	TELANGANA	HYDERABAD	500080	12010600-00310821	Amount for unclaimed and u	50.00 05-NOV-2024
ABHISHEK	KUMAR	SURESH	PRASAD	WARD NO 12 MAIN ROAD	INDIA	BIHAR	PATNA	800001	12010700-00455102	Amount for unclaimed and u	25.00 05-NOV-2024
AJAY	KUMAR	GUPTA	RAM	GUPTA	C-12 SECTOR 5 ROHINI	INDIA	DELHI	NORTH WEST	110085	12020000-00219874	Amount for unclaimed and u	100.00 05-NOV-2024
AKHIL	JAIN	MAHESH	JAIN	44 SADAR BAZAR	INDIA	RAJASTHAN	JAIPUR	302001	12013200-00500221	Amount for unclaimed and u	50.00 05-NOV-2024
ALOK	SINHA	RAJESH	SINHA	FLAT 3B PARK STREET	INDIA	WEST BENGAL	KOLKATA	700016	12023000-00117645	Amount for unclaimed and u	75.00 05-NOV-2024
AMIT	SHAH	DINESH	SHAH	12 NAVRANGPURA	INDIA	GUJARAT	AHMEDABAD	380009	12033200-00882314	Amount for unclaimed and u	100.00 05-NOV-2024
ANIL	KUMAR	RAM	CHANDRA	D-45 LAJPAT NAGAR	INDIA	DELHI	SOUTH DELHI	110024	12010600-00723410	Amount for unclaimed and u	50.00 05-NOV-2024
ANITA	SHARMA	VIJAY	SHARMA	B-7 MODEL TOWN	INDIA	PUNJAB	LUDHIANA	141002	12024700-00398811	Amount for unclaimed and u	25.00 05-NOV-2024
ARUN	MEHTA	SURESH	MEHTA	5 MG ROAD	INDIA	MAHARASHTRA	MUMBAI	400001	12030000-00641277	Amount for unclaimed and u	100.00 05-NOV-2024
ASHOK	AGARWAL	RAMESH	AGARWAL	21 CIVIL LINES	INDIA	UTTAR PRADESH	KANPUR	208001	12019101-00221980	Amount for unclaimed and u	50.00 05-NOV-2024
BALAJI	R	RAMAN	14 ANNA NAGAR	INDIA	TAMIL NADU	CHENNAI	600040	12010900-00780011	Amount for unclaimed and u	25.00 05-NOV-2024
BHARAT	PATEL	KANTILAL	PATEL	RAJ NAGAR SOCIETY	INDIA	GUJARAT	SURAT	395007	12033200-00167743	Amount for unclaimed and u	100.00 05-NOV-2024
CHANDRA	SHEKHAR	GOPAL	MAIN BAZAR	INDIA	HARYANA	HISAR	125001	12010700-00934110	Amount for unclaimed and u	50.00 05-NOV-2024
DEEPAK	VERMA	OM	PRAKASH	VERMA	42 GANDHI ROAD	INDIA	MADHYA PRADESH	BHOPAL	462001	12020600-00331288	Amount for unclaimed and u	75.00 05-NOV-2024
DINESH	KUMAR	BALDEV	SINGH	VILL AND PO MAIN	INDIA	PUNJAB	AMRITSAR	143001	12024700-00551029	Amount for unclaimed and u	100.00 05-NOV-2024
GAURAV	SAXENA	ANAND	SAXENA	B-9 SECTOR 15	INDIA	UTTAR PRADESH	NOIDA	201301	12019101-00672231	Amount for unclaimed and u	50.00 05-NOV-2024
GOPAL	DAS	HARI	DAS	BURRA BAZAR	INDIA	WEST BENGAL	KOLKATA	700007	12023000-00812300	Amount for unclaimed and u	25.00 05-NOV-2024
HARISH	CHANDRA	MOHAN	LAL	17 ASHOK NAGAR	INDIA	RAJASTHAN	UDAIPUR	313001	12013200-00198776	Amount for unclaimed and u	100.00 05-NOV-2024
JAGDISH	PRASAD	SHIV	NARAYAN	MAIN ROAD	INDIA	BIHAR	GAYA	823001	12010700-00443219	Amount for unclaimed and u	50.00 05-NOV-2024
KAMAL	KISHORE	RAM	SWAROOP	34 CANAL ROAD	INDIA	UTTARAKHAND	DEHRADUN	248001	12020000-00701234	Amount for unclaimed and u	75.00 05-NOV-2024
KIRAN	DESAI	PRAKASH	DESAI	SHIVAJI NAGAR	INDIA	MAHARASHTRA	PUNE	411005	12030000-00287610	Amount for unclaimed and u	100.00 05-NOV-2024
KRISHNA	MURTHY	SUBBA	RAO	3RD CROSS JAYANAGAR	INDIA	KARNATAKA	BANGALORE	560011	12010600-00912874	Amount for unclaimed and u	50.00 05-NOV-2024
LALIT	MOHAN	JAI	KISHAN	NEW COLONY	INDIA	HARYANA	GURGAON	122001	12010700-00301122	Amount for unclaimed and u	25.00 05-NOV-2024
MAHESH	GUPTA	SHYAM	GUPTA	CHANDNI CHOWK	INDIA	DELHI	CENTRAL DELHI	110006	12020000-00455098	Amount for unclaimed and u	100.00 05-NOV-2024
MANOJ	KUMAR	SHIV	SHANKAR	RAILWAY COLONY	INDIA	JHARKHAND	RANCHI	834001	12010700-00667781	Amount for unclaimed and u	50.00 05-NOV-2024
MEENA	KUMARI	RAJ	KUMAR	LAKE VIEW ROAD	INDIA	ODISHA	BHUBANESWAR	751001	12023000-00228190	Amount for unclaimed and u	75.00 05-NOV-2024
MOHAN	LAL	RAM	LAL	OLD CITY	INDIA	UTTAR PRADESH	LUCKNOW	226003	12019101-00334456	Amount for unclaimed and u	100.00 05-NOV-2024
NARESH	KUMAR	HARI	RAM	SECTOR 22	INDIA	CHANDIGARH	CHANDIGARH	160022	12024700-00876543	Amount for unclaimed and u	50.00 05-NOV-2024
NEHA	SINGH	RAJENDRA	SINGH	GOMTI NAGAR	INDIA	UTTAR PRADESH	LUCKNOW	226010	12019101-00112299	Amount for unclaimed and u	25.00 05-NOV-2024
NITIN	JOSHI	ANIL	JOSHI	DECCAN GYMKHANA	INDIA	MAHARASHTRA	PUNE	411004	12030000-00554433	Amount for unclaimed and u	100.00 05-NOV-2024
PANKAJ	MISHRA	RAMA	KANT	CIVIL LINES	INDIA	UTTAR PRADESH	ALLAHABAD	211001	12019101-00998877	Amount for unclaimed and u	50.00 05-NOV-2024
PRADEEP	KUMAR	JAGAN	NATH	MAIN MARKET	INDIA	HIMACHAL PRADESH	SHIMLA	171001	12010700-00445566	Amount for unclaimed and u	75.00 05-NOV-2024
PRAKASH	RAO	VENKATA	RAO	MG ROAD	INDIA	ANDHRA PRADESH	VIJAYAWADA	520010	12010600-00223344	Amount for unclaimed and u	100.00 05-NOV-2024
RAJESH	KUMAR	SURAJ	PAL	BAZAR ROAD	INDIA	HARYANA	ROHTAK	124001	12010700-00667788	Amount for unclaimed and u	50.00 05-NOV-2024
RAKESH	SHARMA	KRISHAN	LAL	KAROL BAGH	INDIA	DELHI	CENTRAL DELHI	110005	12020000-00334455	Amount for unclaimed and u	25.00 05-NOV-2024
RAM	KUMAR	SHYAM	LAL	NEW MARKET	INDIA	MADHYA PRADESH	INDORE	452001	12020600-00778899	Amount for unclaimed and u	100.00 05-NOV-2024
RAMESH	CHAND	HARI	CHAND	SADAR BAZAR	INDIA	RAJASTHAN	JODHPUR	342001	12013200-00556677	Amount for unclaimed and u	50.00 05-NOV-2024
RAVI	SHANKAR	SITA	RAM	PATEL NAGAR	INDIA	DELHI	WEST DELHI	110008	12020000-00889900	Amount for unclaimed and u	75.00 05-NOV-2024
SANJAY	GUPTA	OM	PRAKASH	SECTOR 9	INDIA	HARYANA	FARIDABAD	121006	12010700-00112233	Amount for unclaimed and u	100.00 05-NOV-2024
SANJEEV	KAPOOR	RAJ	KAPOOR	GREEN PARK	INDIA	DELHI	SOUTH DELHI	110016	12020000-00223366	Amount for unclaimed and u	50.00 05-NOV-2024
SATISH	CHANDRA	VISHNU	DUTT	MALL ROAD	INDIA	UTTAR PRADESH	AGRA	282001	12019101-00445577	Amount for unclaimed and u	25.00 05-NOV-2024
SHAILESH	PATEL	MANUBHAI	PATEL	ALKAPURI	INDIA	GUJARAT	VADODARA	390007	12033200-00665544	Amount for unclaimed and u	100.00 05-NOV-2024
SUNIL	KUMAR	MADAN	LAL	BATALA ROAD	INDIA	PUNJAB	JALANDHAR	144001	12024700-00332211	Amount for unclaimed and u	50.00 05-NOV-2024
SURESH	BABU	KRISHNAN	NAIR	MG ROAD	INDIA	KERALA	ERNAKULAM	682016	12010900-00554422	Amount for unclaimed and u	75.00 05-NOV-2024
VIJAY	KUMAR	RAM	NIWAS	STATION ROAD	INDIA	BIHAR	MUZAFFARPUR	842001	12010700-00887766	Amount for unclaimed and u	100.00 05-NOV-2024
VINOD	KUMAR	BRIJ	MOHAN	RAJ NAGAR	INDIA	UTTAR PRADESH	GHAZIABAD	201002	12019101-00776655	Amount for unclaimed and u	50.00 05-NOV-2024
YOGESH	SHARMA	DEV	DUTT	SHASTRI NAGAR	INDIA	RAJASTHAN	AJMER	305001	12013200-00443322	Amount for unclaimed and u	25.00 05-NOV-2024
A MURTHI	VALLIAPPAN	VALLIAPPAN	NO 7 MURUGAPPA ST, SANTHOME	INDIA	TAMIL NADU	CHENNAI	600004	12010900-00000001	Amount for unclaimed and u	100.00 05-NOV-2024
